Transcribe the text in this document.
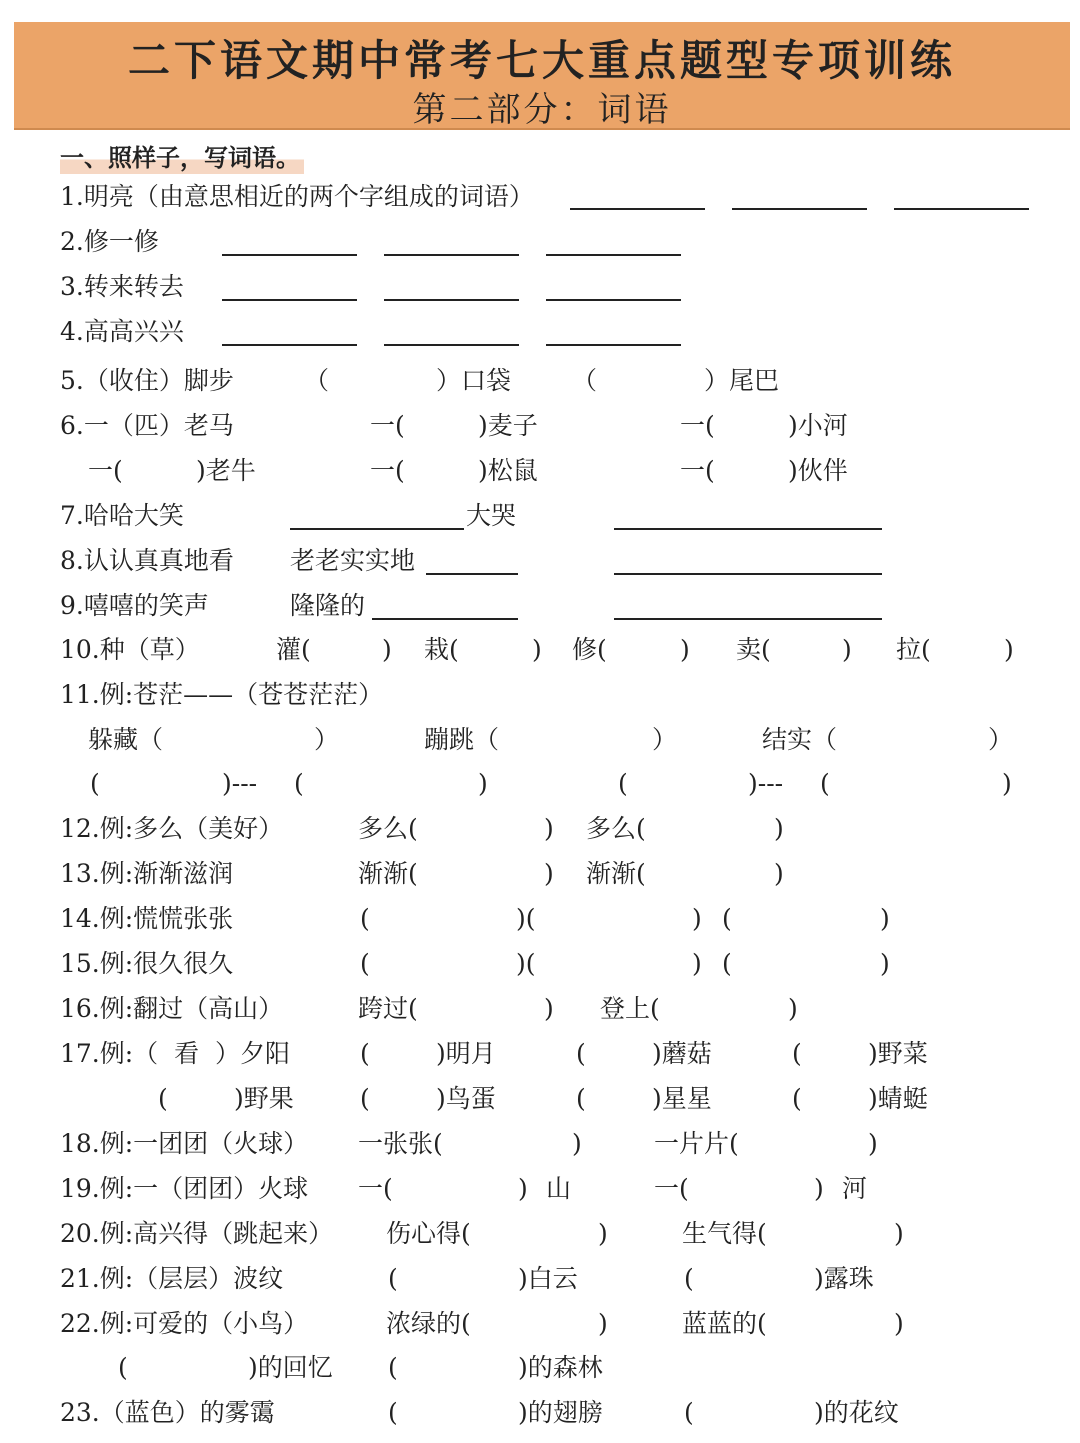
二下语文期中常考七大重点题型专项训练
第二部分：词语
一、照样子，写词语。
1.明亮（由意思相近的两个字组成的词语）
2.修一修
3.转来转去
4.高高兴兴
5.（收住）脚步	（	）口袋 （	）尾巴
6.一（匹）老马	一(	)麦子	一(	)小河
一(	)老牛	一(	)松鼠	一(	)伙伴
7.哈哈大笑	大哭
8.认认真真地看 老老实实地
9.嘻嘻的笑声	隆隆的
10.种（草）	灌(	) 栽(	) 修(	) 卖(	) 拉(	)
11.例:苍茫——（苍苍茫茫）
躲藏（	）	蹦跳（	）	结实（	）
(	)--- (	)	(	)--- (	)
12.例:多么（美好）	多么(	) 多么(	)
13.例:渐渐滋润	渐渐(	) 渐渐(	)
14.例:慌慌张张	(	)(	) (	)
15.例:很久很久	(	)(	) (	)
16.例:翻过（高山）	跨过(	) 登上(	)
17.例:（  看  ）夕阳	(	)明月	(	)蘑菇	(	)野菜
(	)野果	(	)鸟蛋	(	)星星	(	)蜻蜓
18.例:一团团（火球） 一张张(	)	一片片(	)
19.例:一（团团）火球 一(	) 山	一(	) 河
20.例:高兴得（跳起来） 伤心得(	)	生气得(	)
21.例:（层层）波纹	(	)白云	(	)露珠
22.例:可爱的（小鸟）	浓绿的(	)	蓝蓝的(	)
(	)的回忆 (	)的森林
23.（蓝色）的雾霭	(	)的翅膀	(	)的花纹
